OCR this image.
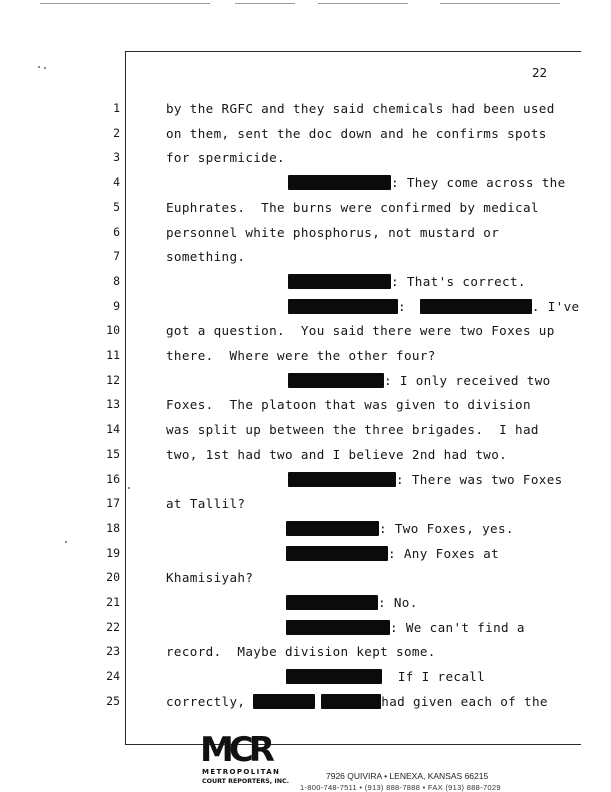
22
1	by the RGFC and they said chemicals had been used
2	on them, sent the doc down and he confirms spots
3	for spermicide.
4	: They come across the
5	Euphrates.  The burns were confirmed by medical
6	personnel white phosphorus, not mustard or
7	something.
8	: That's correct.
9	:	. I've
10	got a question.  You said there were two Foxes up
11	there.  Where were the other four?
12	: I only received two
13	Foxes.  The platoon that was given to division
14	was split up between the three brigades.  I had
15	two, 1st had two and I believe 2nd had two.
16	: There was two Foxes
17	at Tallil?
18	: Two Foxes, yes.
19	: Any Foxes at
20	Khamisiyah?
21	: No.
22	: We can't find a
23	record.  Maybe division kept some.
24	If I recall
25	correctly,	had given each of the
MCR
METROPOLITAN
COURT REPORTERS, INC.
7926 QUIVIRA • LENEXA, KANSAS 66215
1-800-748-7511 • (913) 888-7888 • FAX (913) 888-7029
